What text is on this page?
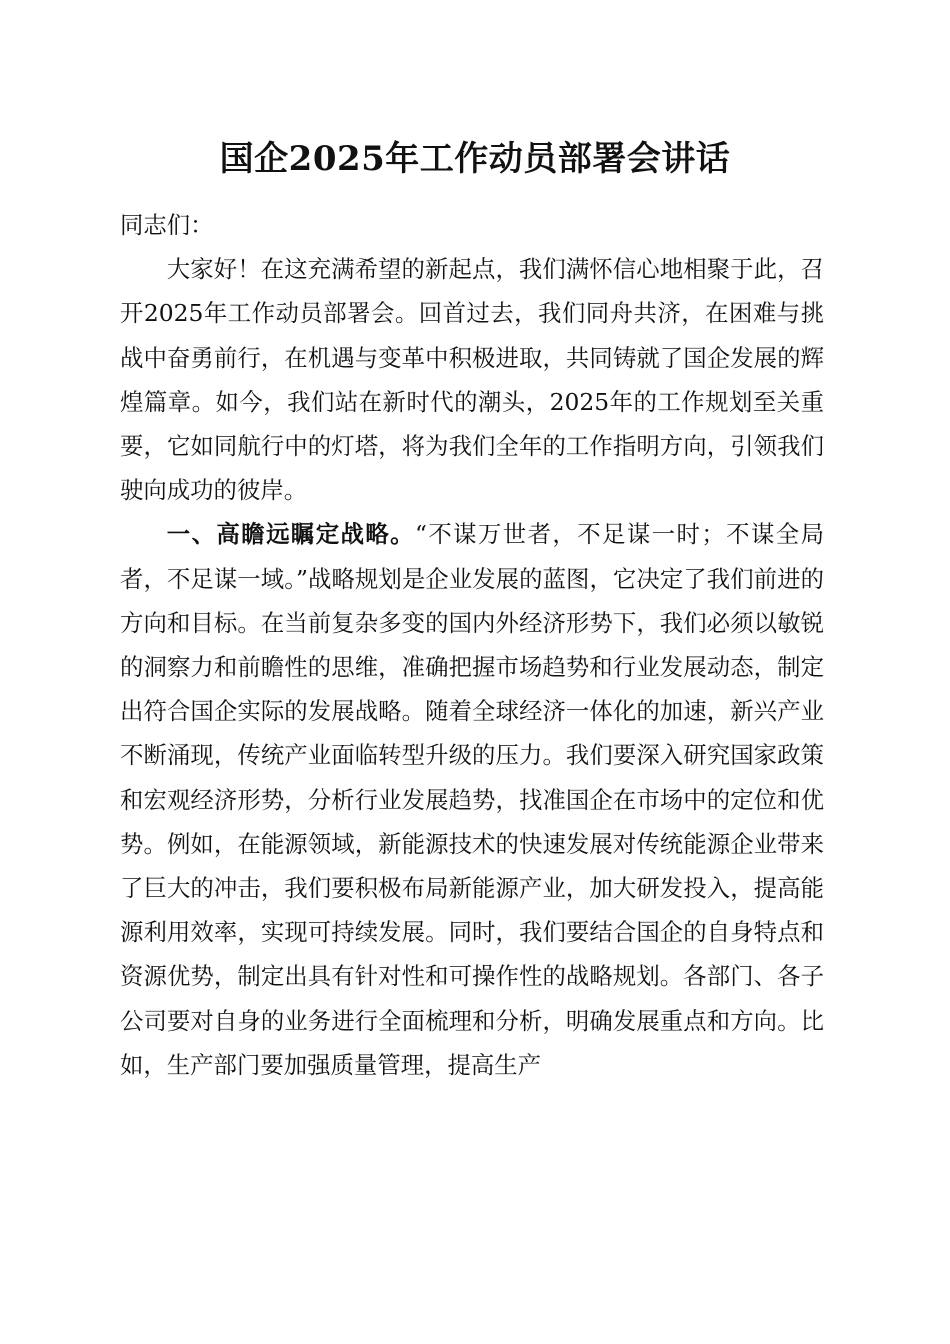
国企2025年工作动员部署会讲话

同志们：

大家好！在这充满希望的新起点，我们满怀信心地相聚于此，召开2025年工作动员部署会。回首过去，我们同舟共济，在困难与挑战中奋勇前行，在机遇与变革中积极进取，共同铸就了国企发展的辉煌篇章。如今，我们站在新时代的潮头，2025年的工作规划至关重要，它如同航行中的灯塔，将为我们全年的工作指明方向，引领我们驶向成功的彼岸。

一、高瞻远瞩定战略。“不谋万世者，不足谋一时；不谋全局者，不足谋一域。”战略规划是企业发展的蓝图，它决定了我们前进的方向和目标。在当前复杂多变的国内外经济形势下，我们必须以敏锐的洞察力和前瞻性的思维，准确把握市场趋势和行业发展动态，制定出符合国企实际的发展战略。随着全球经济一体化的加速，新兴产业不断涌现，传统产业面临转型升级的压力。我们要深入研究国家政策和宏观经济形势，分析行业发展趋势，找准国企在市场中的定位和优势。例如，在能源领域，新能源技术的快速发展对传统能源企业带来了巨大的冲击，我们要积极布局新能源产业，加大研发投入，提高能源利用效率，实现可持续发展。同时，我们要结合国企的自身特点和资源优势，制定出具有针对性和可操作性的战略规划。各部门、各子公司要对自身的业务进行全面梳理和分析，明确发展重点和方向。比如，生产部门要加强质量管理，提高生产
